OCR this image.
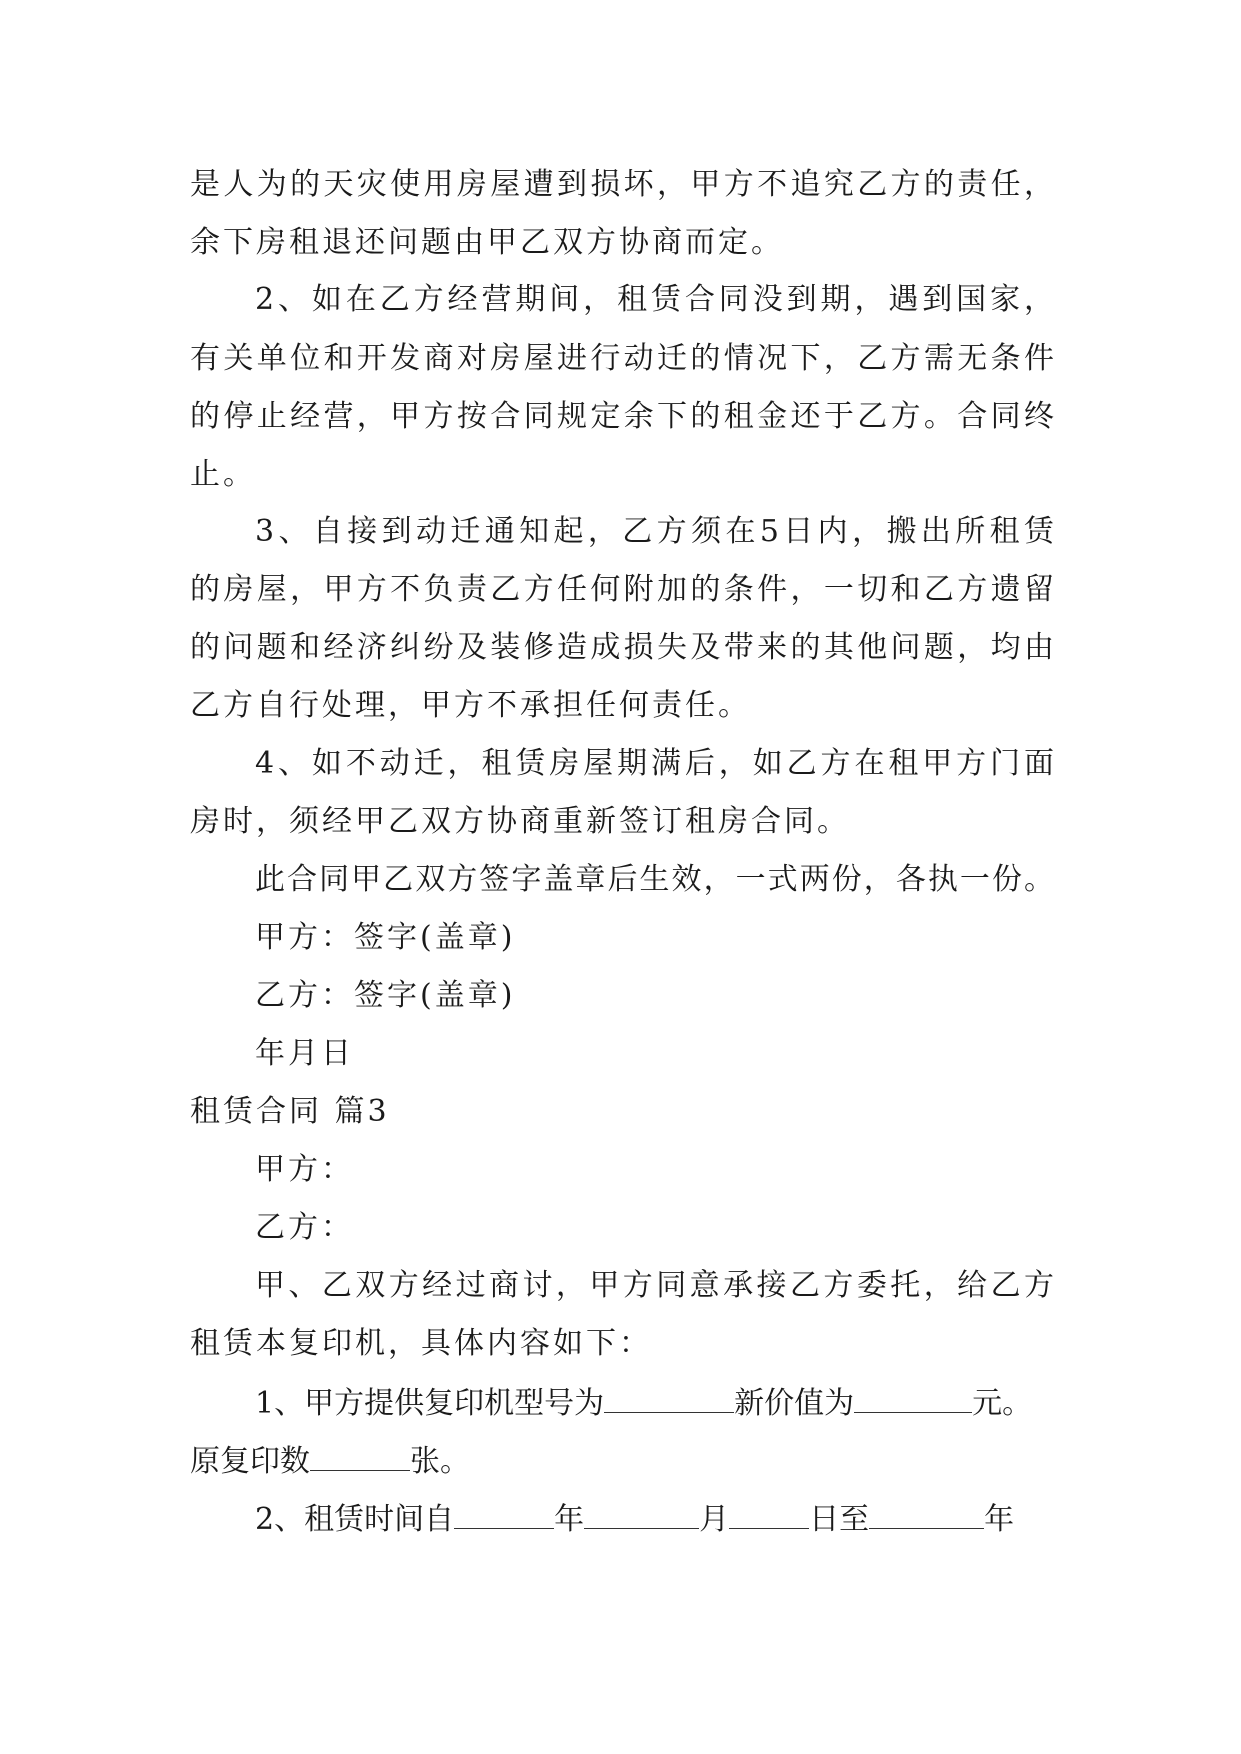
是人为的天灾使用房屋遭到损坏，甲方不追究乙方的责任，
余下房租退还问题由甲乙双方协商而定。
2、如在乙方经营期间，租赁合同没到期，遇到国家，
有关单位和开发商对房屋进行动迁的情况下，乙方需无条件
的停止经营，甲方按合同规定余下的租金还于乙方。合同终
止。
3、自接到动迁通知起，乙方须在5日内，搬出所租赁
的房屋，甲方不负责乙方任何附加的条件，一切和乙方遗留
的问题和经济纠纷及装修造成损失及带来的其他问题，均由
乙方自行处理，甲方不承担任何责任。
4、如不动迁，租赁房屋期满后，如乙方在租甲方门面
房时，须经甲乙双方协商重新签订租房合同。
此合同甲乙双方签字盖章后生效，一式两份，各执一份。
甲方：签字(盖章)
乙方：签字(盖章)
年月日
租赁合同 篇3
甲方：
乙方：
甲、乙双方经过商讨，甲方同意承接乙方委托，给乙方
租赁本复印机，具体内容如下：
1、甲方提供复印机型号为	新价值为	元。
原复印数	张。
2、租赁时间自	年	月	日至	年
